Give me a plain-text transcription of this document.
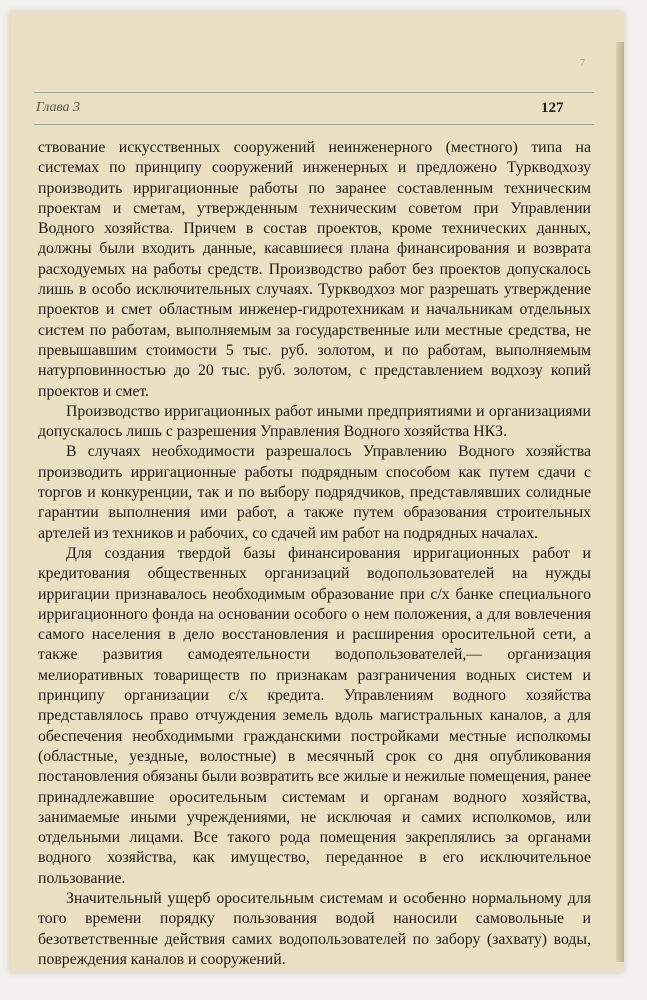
7
Глава 3	127

ствование искусственных сооружений неинженерного (местного) типа на системах по принципу сооружений инженерных и предложено Туркводхозу производить ирригационные работы по заранее составленным техническим проектам и сметам, утвержденным техническим советом при Управлении Водного хозяйства. Причем в состав проектов, кроме технических данных, должны были входить данные, касавшиеся плана финансирования и возврата расходуемых на работы средств. Производство работ без проектов допускалось лишь в особо исключительных случаях. Туркводхоз мог разрешать утверждение проектов и смет областным инженер-гидротехникам и начальникам отдельных систем по работам, выполняемым за государственные или местные средства, не превышавшим стоимости 5 тыс. руб. золотом, и по работам, выполняемым натурповинностью до 20 тыс. руб. золотом, с представлением водхозу копий проектов и смет.

Производство ирригационных работ иными предприятиями и организациями допускалось лишь с разрешения Управления Водного хозяйства НКЗ.

В случаях необходимости разрешалось Управлению Водного хозяйства производить ирригационные работы подрядным способом как путем сдачи с торгов и конкуренции, так и по выбору подрядчиков, представлявших солидные гарантии выполнения ими работ, а также путем образования строительных артелей из техников и рабочих, со сдачей им работ на подрядных началах.

Для создания твердой базы финансирования ирригационных работ и кредитования общественных организаций водопользователей на нужды ирригации признавалось необходимым образование при с/х банке специального ирригационного фонда на основании особого о нем положения, а для вовлечения самого населения в дело восстановления и расширения оросительной сети, а также развития самодеятельности водопользователей,— организация мелиоративных товариществ по признакам разграничения водных систем и принципу организации с/х кредита. Управлениям водного хозяйства представлялось право отчуждения земель вдоль магистральных каналов, а для обеспечения необходимыми гражданскими постройками местные исполкомы (областные, уездные, волостные) в месячный срок со дня опубликования постановления обязаны были возвратить все жилые и нежилые помещения, ранее принадлежавшие оросительным системам и органам водного хозяйства, занимаемые иными учреждениями, не исключая и самих исполкомов, или отдельными лицами. Все такого рода помещения закреплялись за органами водного хозяйства, как имущество, переданное в его исключительное пользование.

Значительный ущерб оросительным системам и особенно нормальному для того времени порядку пользования водой наносили самовольные и безответственные действия самих водопользователей по забору (захвату) воды, повреждения каналов и сооружений.
